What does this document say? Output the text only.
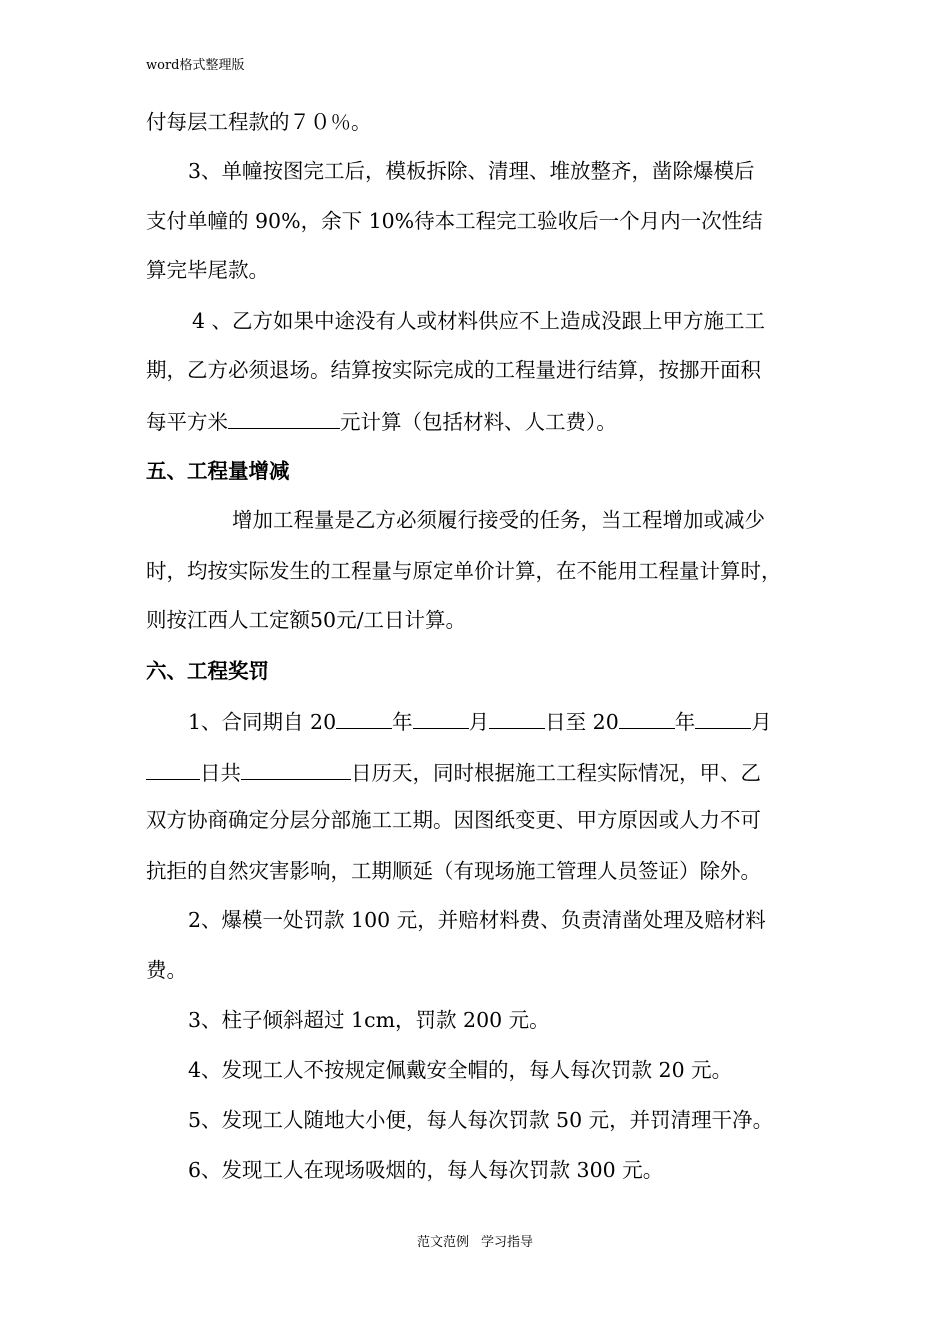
word格式整理版
付每层工程款的７０％。
3、单幢按图完工后，模板拆除、清理、堆放整齐，凿除爆模后
支付单幢的 90%，余下 10%待本工程完工验收后一个月内一次性结
算完毕尾款。
4 、乙方如果中途没有人或材料供应不上造成没跟上甲方施工工
期，乙方必须退场。结算按实际完成的工程量进行结算，按挪开面积
每平方米	元计算（包括材料、人工费）。
五、工程量增减
增加工程量是乙方必须履行接受的任务，当工程增加或减少
时，均按实际发生的工程量与原定单价计算，在不能用工程量计算时，
则按江西人工定额50元/工日计算。
六、工程奖罚
1、合同期自 20	年	月	日至 20	年	月
日共	日历天，同时根据施工工程实际情况，甲、乙
双方协商确定分层分部施工工期。因图纸变更、甲方原因或人力不可
抗拒的自然灾害影响，工期顺延（有现场施工管理人员签证）除外。
2、爆模一处罚款 100 元，并赔材料费、负责清凿处理及赔材料
费。
3、柱子倾斜超过 1cm，罚款 200 元。
4、发现工人不按规定佩戴安全帽的，每人每次罚款 20 元。
5、发现工人随地大小便，每人每次罚款 50 元，并罚清理干净。
6、发现工人在现场吸烟的，每人每次罚款 300 元。
范文范例 学习指导
